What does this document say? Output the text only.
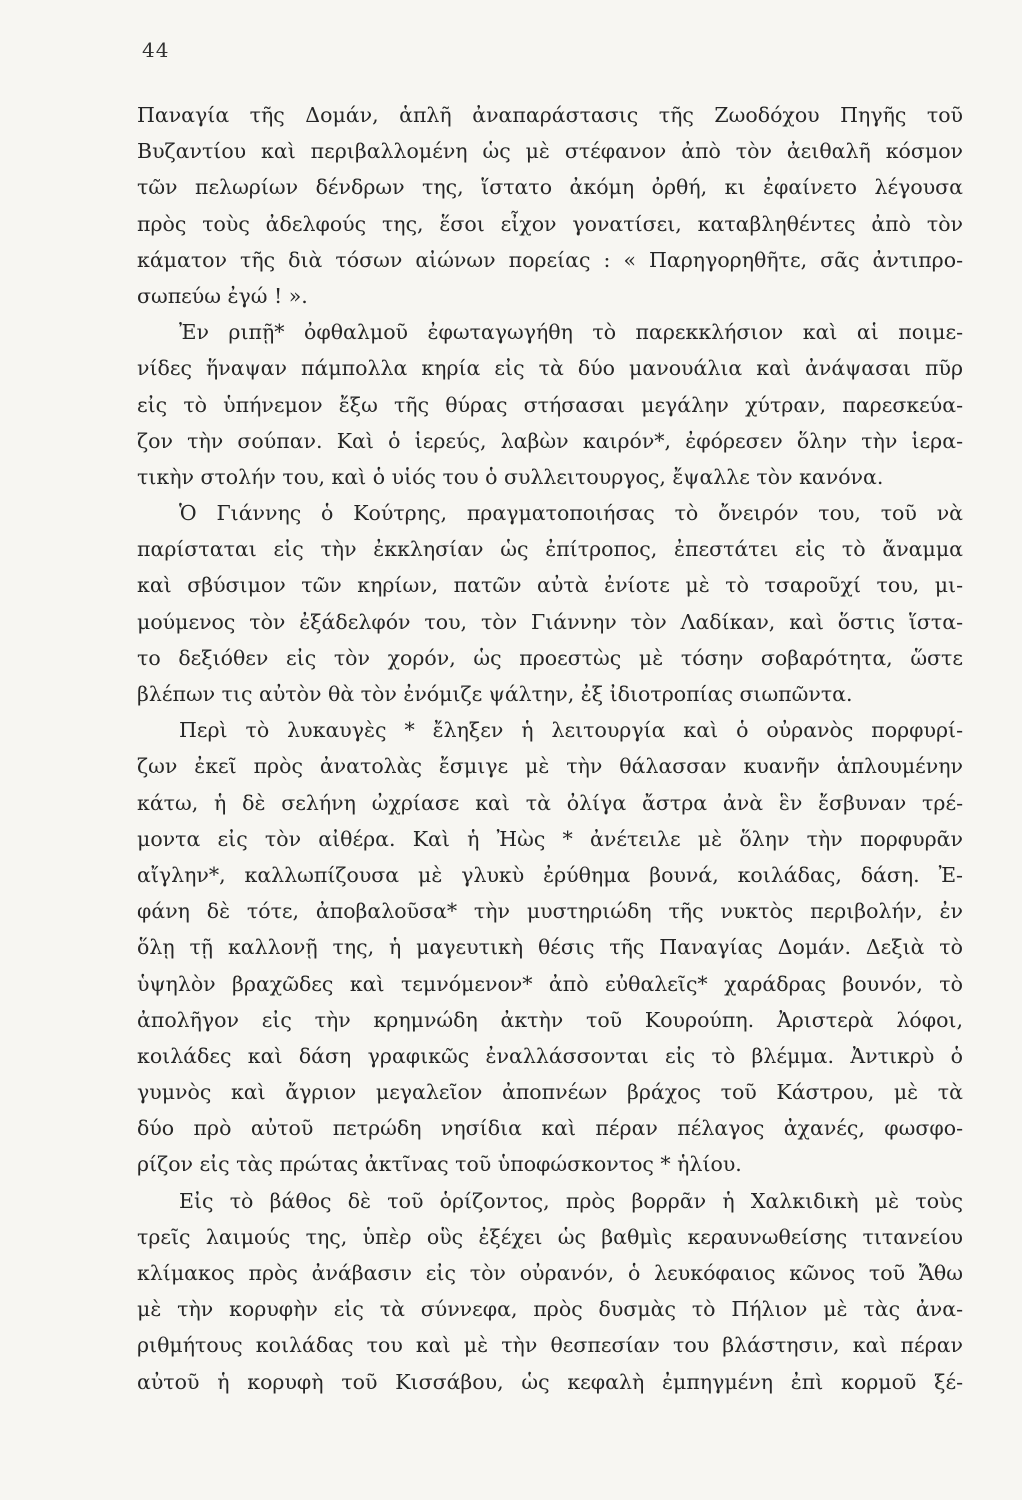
44
Παναγία τῆς Δομάν, ἁπλῆ ἀναπαράστασις τῆς Ζωοδόχου Πηγῆς τοῦ
Βυζαντίου καὶ περιβαλλομένη ὡς μὲ στέφανον ἀπὸ τὸν ἀειθαλῆ κόσμον
τῶν πελωρίων δένδρων της, ἵστατο ἀκόμη ὀρθή, κι ἐφαίνετο λέγουσα
πρὸς τοὺς ἀδελφούς της, ἕσοι εἶχον γονατίσει, καταβληθέντες ἀπὸ τὸν
κάματον τῆς διὰ τόσων αἰώνων πορείας : « Παρηγορηθῆτε, σᾶς ἀντιπρο-
σωπεύω ἐγώ ! ».
Ἐν ριπῇ* ὀφθαλμοῦ ἐφωταγωγήθη τὸ παρεκκλήσιον καὶ αἱ ποιμε-
νίδες ἥναψαν πάμπολλα κηρία εἰς τὰ δύο μανουάλια καὶ ἀνάψασαι πῦρ
εἰς τὸ ὑπήνεμον ἔξω τῆς θύρας στήσασαι μεγάλην χύτραν, παρεσκεύα-
ζον τὴν σούπαν. Καὶ ὁ ἱερεύς, λαβὼν καιρόν*, ἐφόρεσεν ὅλην τὴν ἱερα-
τικὴν στολήν του, καὶ ὁ υἱός του ὁ συλλειτουργος, ἔψαλλε τὸν κανόνα.
Ὁ Γιάννης ὁ Κούτρης, πραγματοποιήσας τὸ ὄνειρόν του, τοῦ νὰ
παρίσταται εἰς τὴν ἐκκλησίαν ὡς ἐπίτροπος, ἐπεστάτει εἰς τὸ ἄναμμα
καὶ σβύσιμον τῶν κηρίων, πατῶν αὐτὰ ἐνίοτε μὲ τὸ τσαροῦχί του, μι-
μούμενος τὸν ἐξάδελφόν του, τὸν Γιάννην τὸν Λαδίκαν, καὶ ὅστις ἵστα-
το δεξιόθεν εἰς τὸν χορόν, ὡς προεστὼς μὲ τόσην σοβαρότητα, ὥστε
βλέπων τις αὐτὸν θὰ τὸν ἐνόμιζε ψάλτην, ἐξ ἰδιοτροπίας σιωπῶντα.
Περὶ τὸ λυκαυγὲς * ἔληξεν ἡ λειτουργία καὶ ὁ οὐρανὸς πορφυρί-
ζων ἐκεῖ πρὸς ἀνατολὰς ἔσμιγε μὲ τὴν θάλασσαν κυανῆν ἁπλουμένην
κάτω, ἡ δὲ σελήνη ὠχρίασε καὶ τὰ ὀλίγα ἄστρα ἀνὰ ἓν ἔσβυναν τρέ-
μοντα εἰς τὸν αἰθέρα. Καὶ ἡ Ἠὼς * ἀνέτειλε μὲ ὅλην τὴν πορφυρᾶν
αἴγλην*, καλλωπίζουσα μὲ γλυκὺ ἐρύθημα βουνά, κοιλάδας, δάση. Ἐ-
φάνη δὲ τότε, ἀποβαλοῦσα* τὴν μυστηριώδη τῆς νυκτὸς περιβολήν, ἐν
ὅλῃ τῇ καλλονῇ της, ἡ μαγευτικὴ θέσις τῆς Παναγίας Δομάν. Δεξιὰ τὸ
ὑψηλὸν βραχῶδες καὶ τεμνόμενον* ἀπὸ εὐθαλεῖς* χαράδρας βουνόν, τὸ
ἀπολῆγον εἰς τὴν κρημνώδη ἀκτὴν τοῦ Κουρούπη. Ἀριστερὰ λόφοι,
κοιλάδες καὶ δάση γραφικῶς ἐναλλάσσονται εἰς τὸ βλέμμα. Ἀντικρὺ ὁ
γυμνὸς καὶ ἄγριον μεγαλεῖον ἀποπνέων βράχος τοῦ Κάστρου, μὲ τὰ
δύο πρὸ αὐτοῦ πετρώδη νησίδια καὶ πέραν πέλαγος ἀχανές, φωσφο-
ρίζον εἰς τὰς πρώτας ἀκτῖνας τοῦ ὑποφώσκοντος * ἡλίου.
Εἰς τὸ βάθος δὲ τοῦ ὁρίζοντος, πρὸς βορρᾶν ἡ Χαλκιδικὴ μὲ τοὺς
τρεῖς λαιμούς της, ὑπὲρ οὓς ἐξέχει ὡς βαθμὶς κεραυνωθείσης τιτανείου
κλίμακος πρὸς ἀνάβασιν εἰς τὸν οὐρανόν, ὁ λευκόφαιος κῶνος τοῦ Ἄθω
μὲ τὴν κορυφὴν εἰς τὰ σύννεφα, πρὸς δυσμὰς τὸ Πήλιον μὲ τὰς ἀνα-
ριθμήτους κοιλάδας του καὶ μὲ τὴν θεσπεσίαν του βλάστησιν, καὶ πέραν
αὐτοῦ ἡ κορυφὴ τοῦ Κισσάβου, ὡς κεφαλὴ ἐμπηγμένη ἐπὶ κορμοῦ ξέ-
